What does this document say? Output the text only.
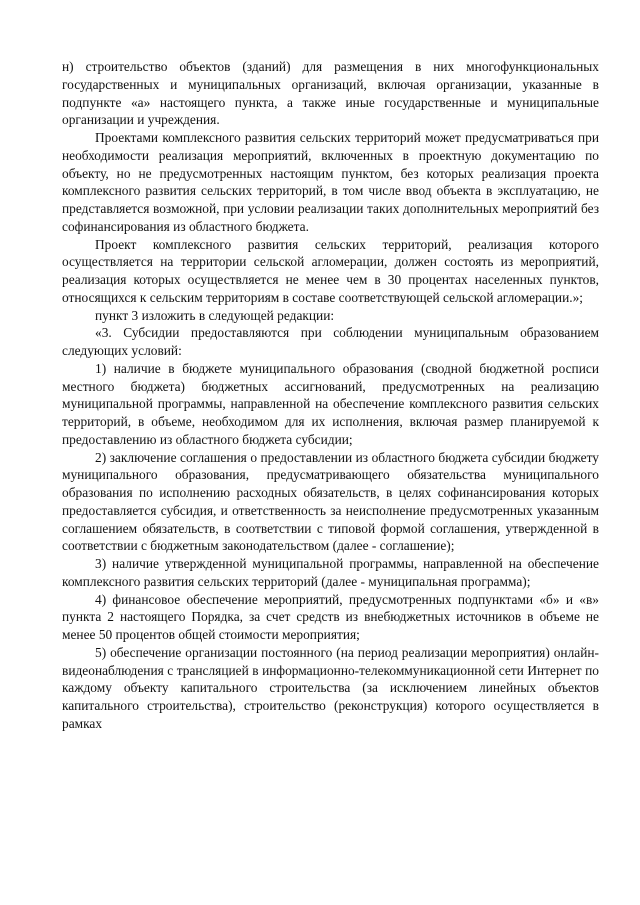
н) строительство объектов (зданий) для размещения в них многофункциональных государственных и муниципальных организаций, включая организации, указанные в подпункте «а» настоящего пункта, а также иные государственные и муниципальные организации и учреждения.

Проектами комплексного развития сельских территорий может предусматриваться при необходимости реализация мероприятий, включенных в проектную документацию по объекту, но не предусмотренных настоящим пунктом, без которых реализация проекта комплексного развития сельских территорий, в том числе ввод объекта в эксплуатацию, не представляется возможной, при условии реализации таких дополнительных мероприятий без софинансирования из областного бюджета.

Проект комплексного развития сельских территорий, реализация которого осуществляется на территории сельской агломерации, должен состоять из мероприятий, реализация которых осуществляется не менее чем в 30 процентах населенных пунктов, относящихся к сельским территориям в составе соответствующей сельской агломерации.»;

пункт 3 изложить в следующей редакции:

«3. Субсидии предоставляются при соблюдении муниципальным образованием следующих условий:

1) наличие в бюджете муниципального образования (сводной бюджетной росписи местного бюджета) бюджетных ассигнований, предусмотренных на реализацию муниципальной программы, направленной на обеспечение комплексного развития сельских территорий, в объеме, необходимом для их исполнения, включая размер планируемой к предоставлению из областного бюджета субсидии;

2) заключение соглашения о предоставлении из областного бюджета субсидии бюджету муниципального образования, предусматривающего обязательства муниципального образования по исполнению расходных обязательств, в целях софинансирования которых предоставляется субсидия, и ответственность за неисполнение предусмотренных указанным соглашением обязательств, в соответствии с типовой формой соглашения, утвержденной в соответствии с бюджетным законодательством (далее - соглашение);

3) наличие утвержденной муниципальной программы, направленной на обеспечение комплексного развития сельских территорий (далее - муниципальная программа);

4) финансовое обеспечение мероприятий, предусмотренных подпунктами «б» и «в» пункта 2 настоящего Порядка, за счет средств из внебюджетных источников в объеме не менее 50 процентов общей стоимости мероприятия;

5) обеспечение организации постоянного (на период реализации мероприятия) онлайн-видеонаблюдения с трансляцией в информационно-телекоммуникационной сети Интернет по каждому объекту капитального строительства (за исключением линейных объектов капитального строительства), строительство (реконструкция) которого осуществляется в рамках
